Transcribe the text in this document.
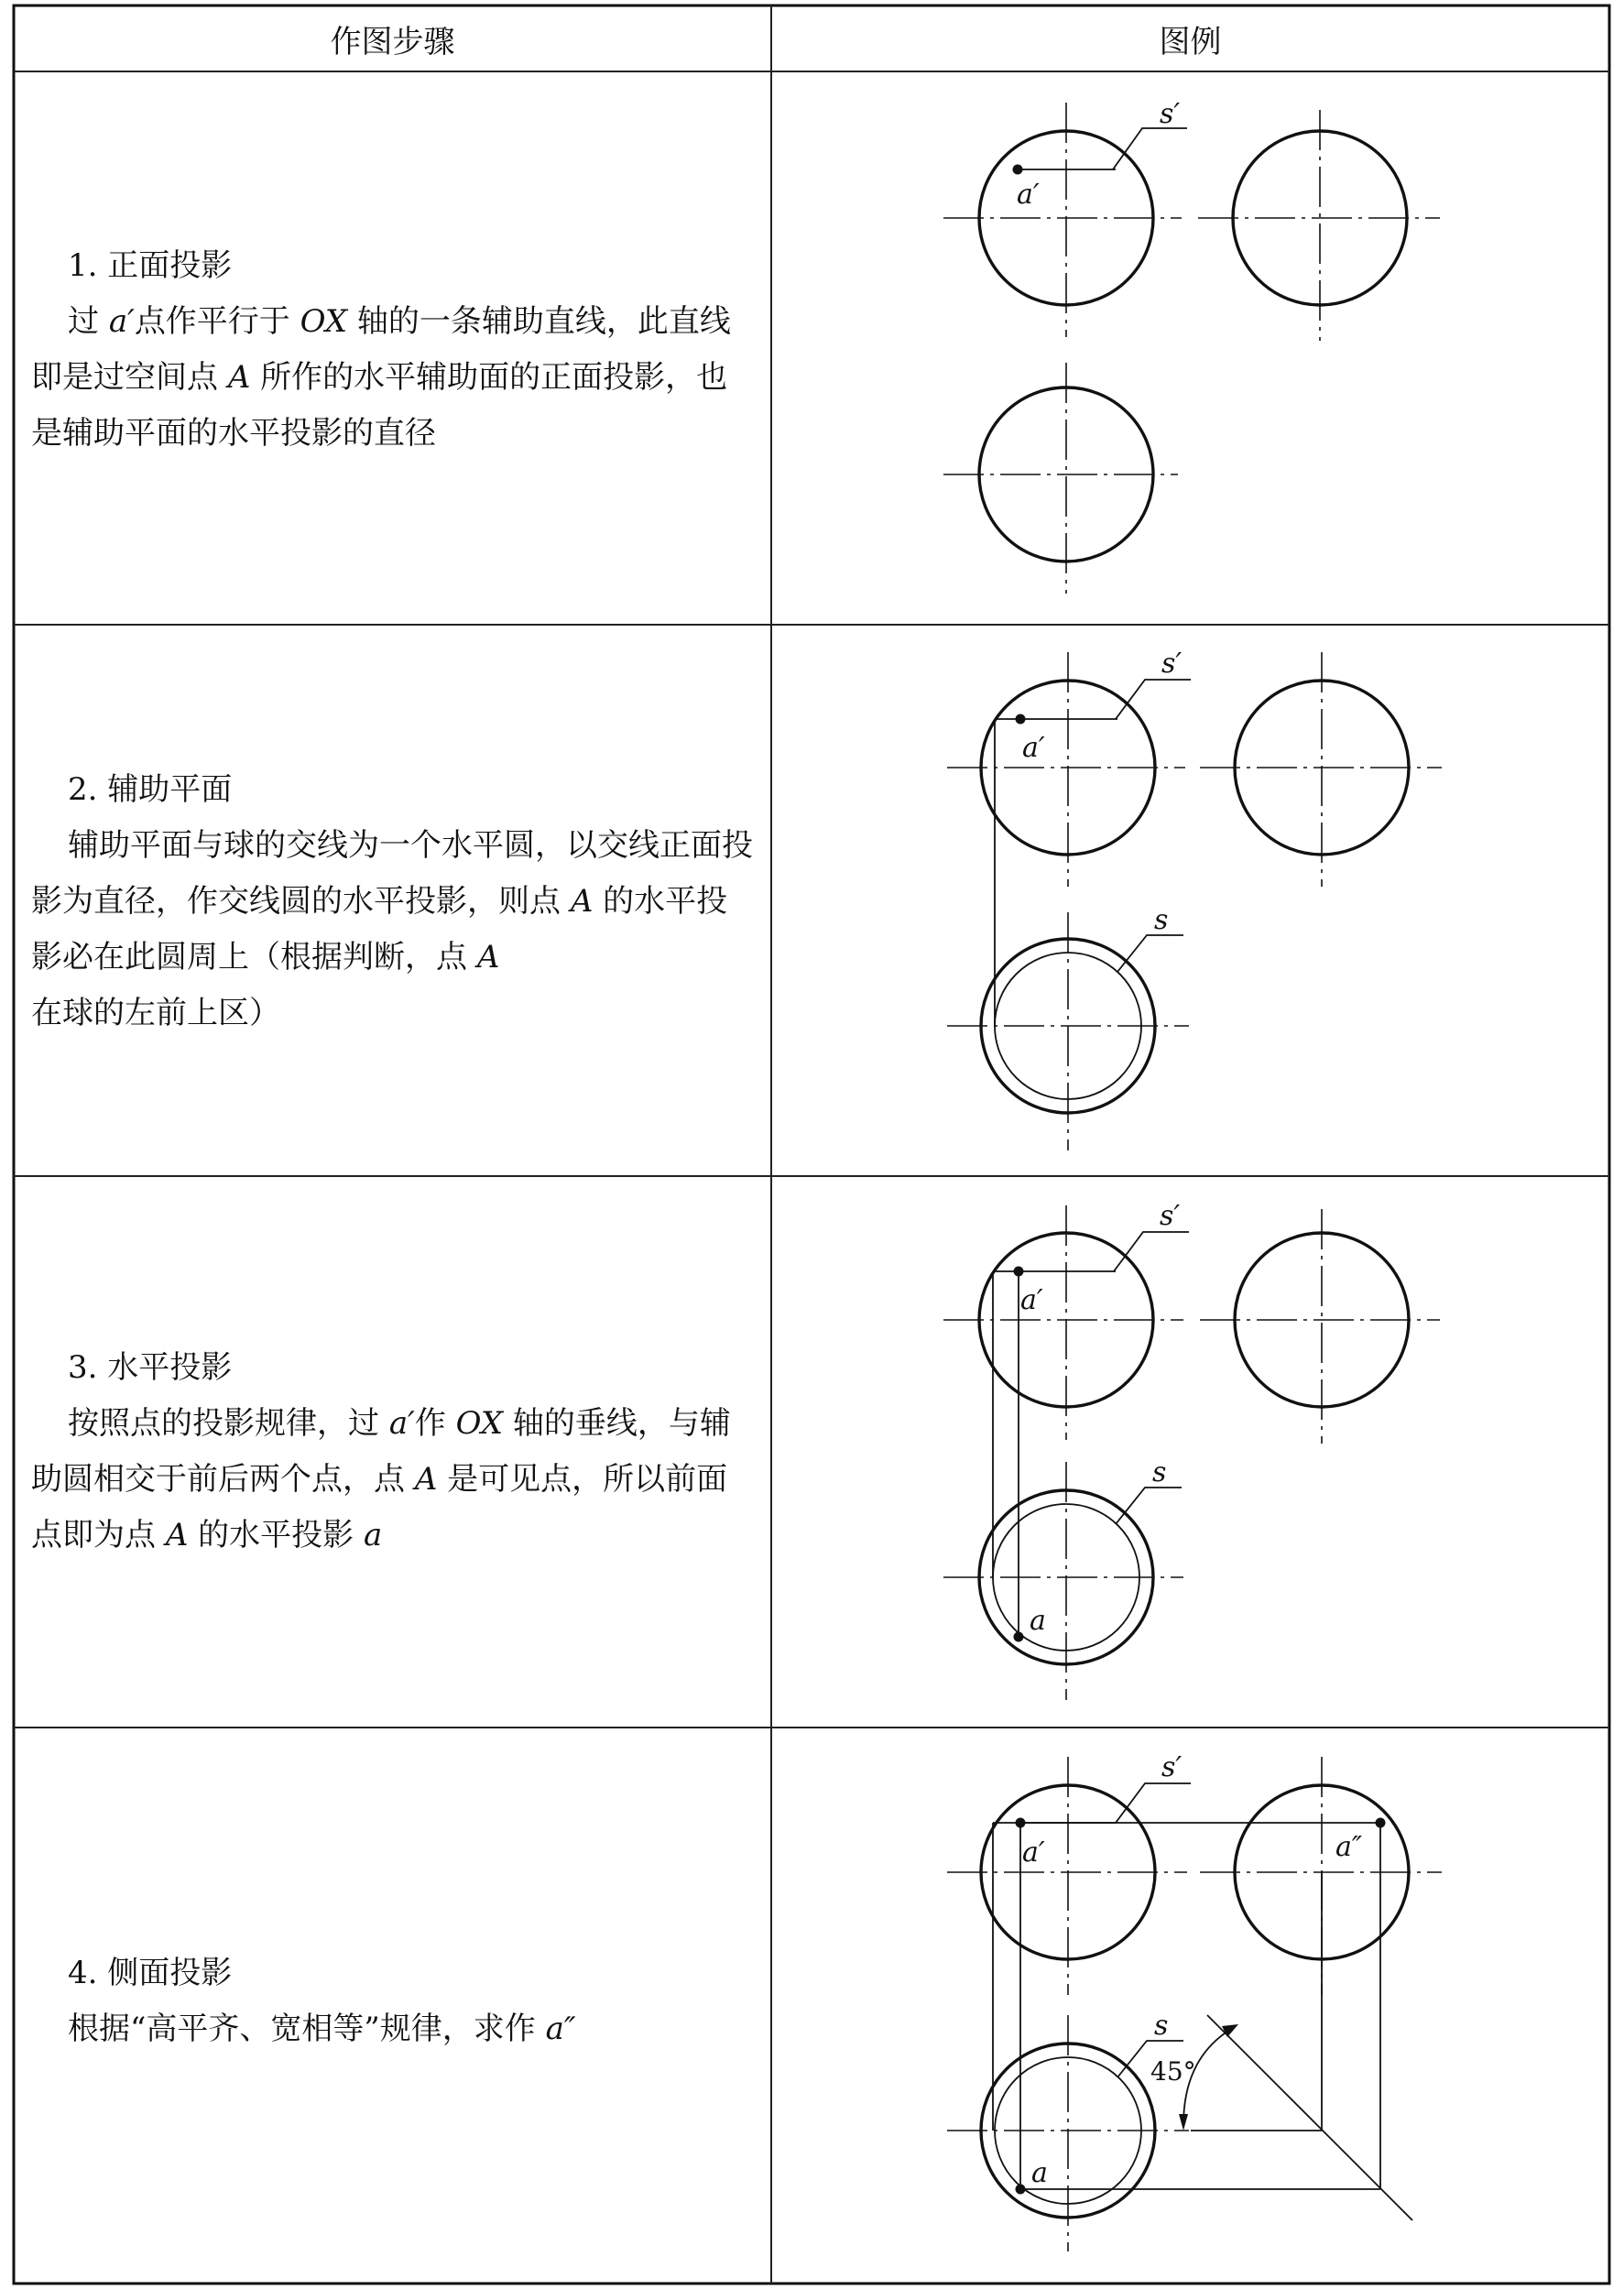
作图步骤	图例

1. 正面投影

过 a′点作平行于 OX 轴的一条辅助直线，此直线即是过空间点 A 所作的水平辅助面的正面投影，也是辅助平面的水平投影的直径

2. 辅助平面

辅助平面与球的交线为一个水平圆，以交线正面投影为直径，作交线圆的水平投影，则点 A 的水平投影必在此圆周上（根据判断，点 A 在球的左前上区）

3. 水平投影

按照点的投影规律，过 a′作 OX 轴的垂线，与辅助圆相交于前后两个点，点 A 是可见点，所以前面点即为点 A 的水平投影 a

4. 侧面投影

根据“高平齐、宽相等”规律，求作 a″

s′
a′
s′
a′
s
s′
a′
s
a
s′
a′	a″
s
a
45°
